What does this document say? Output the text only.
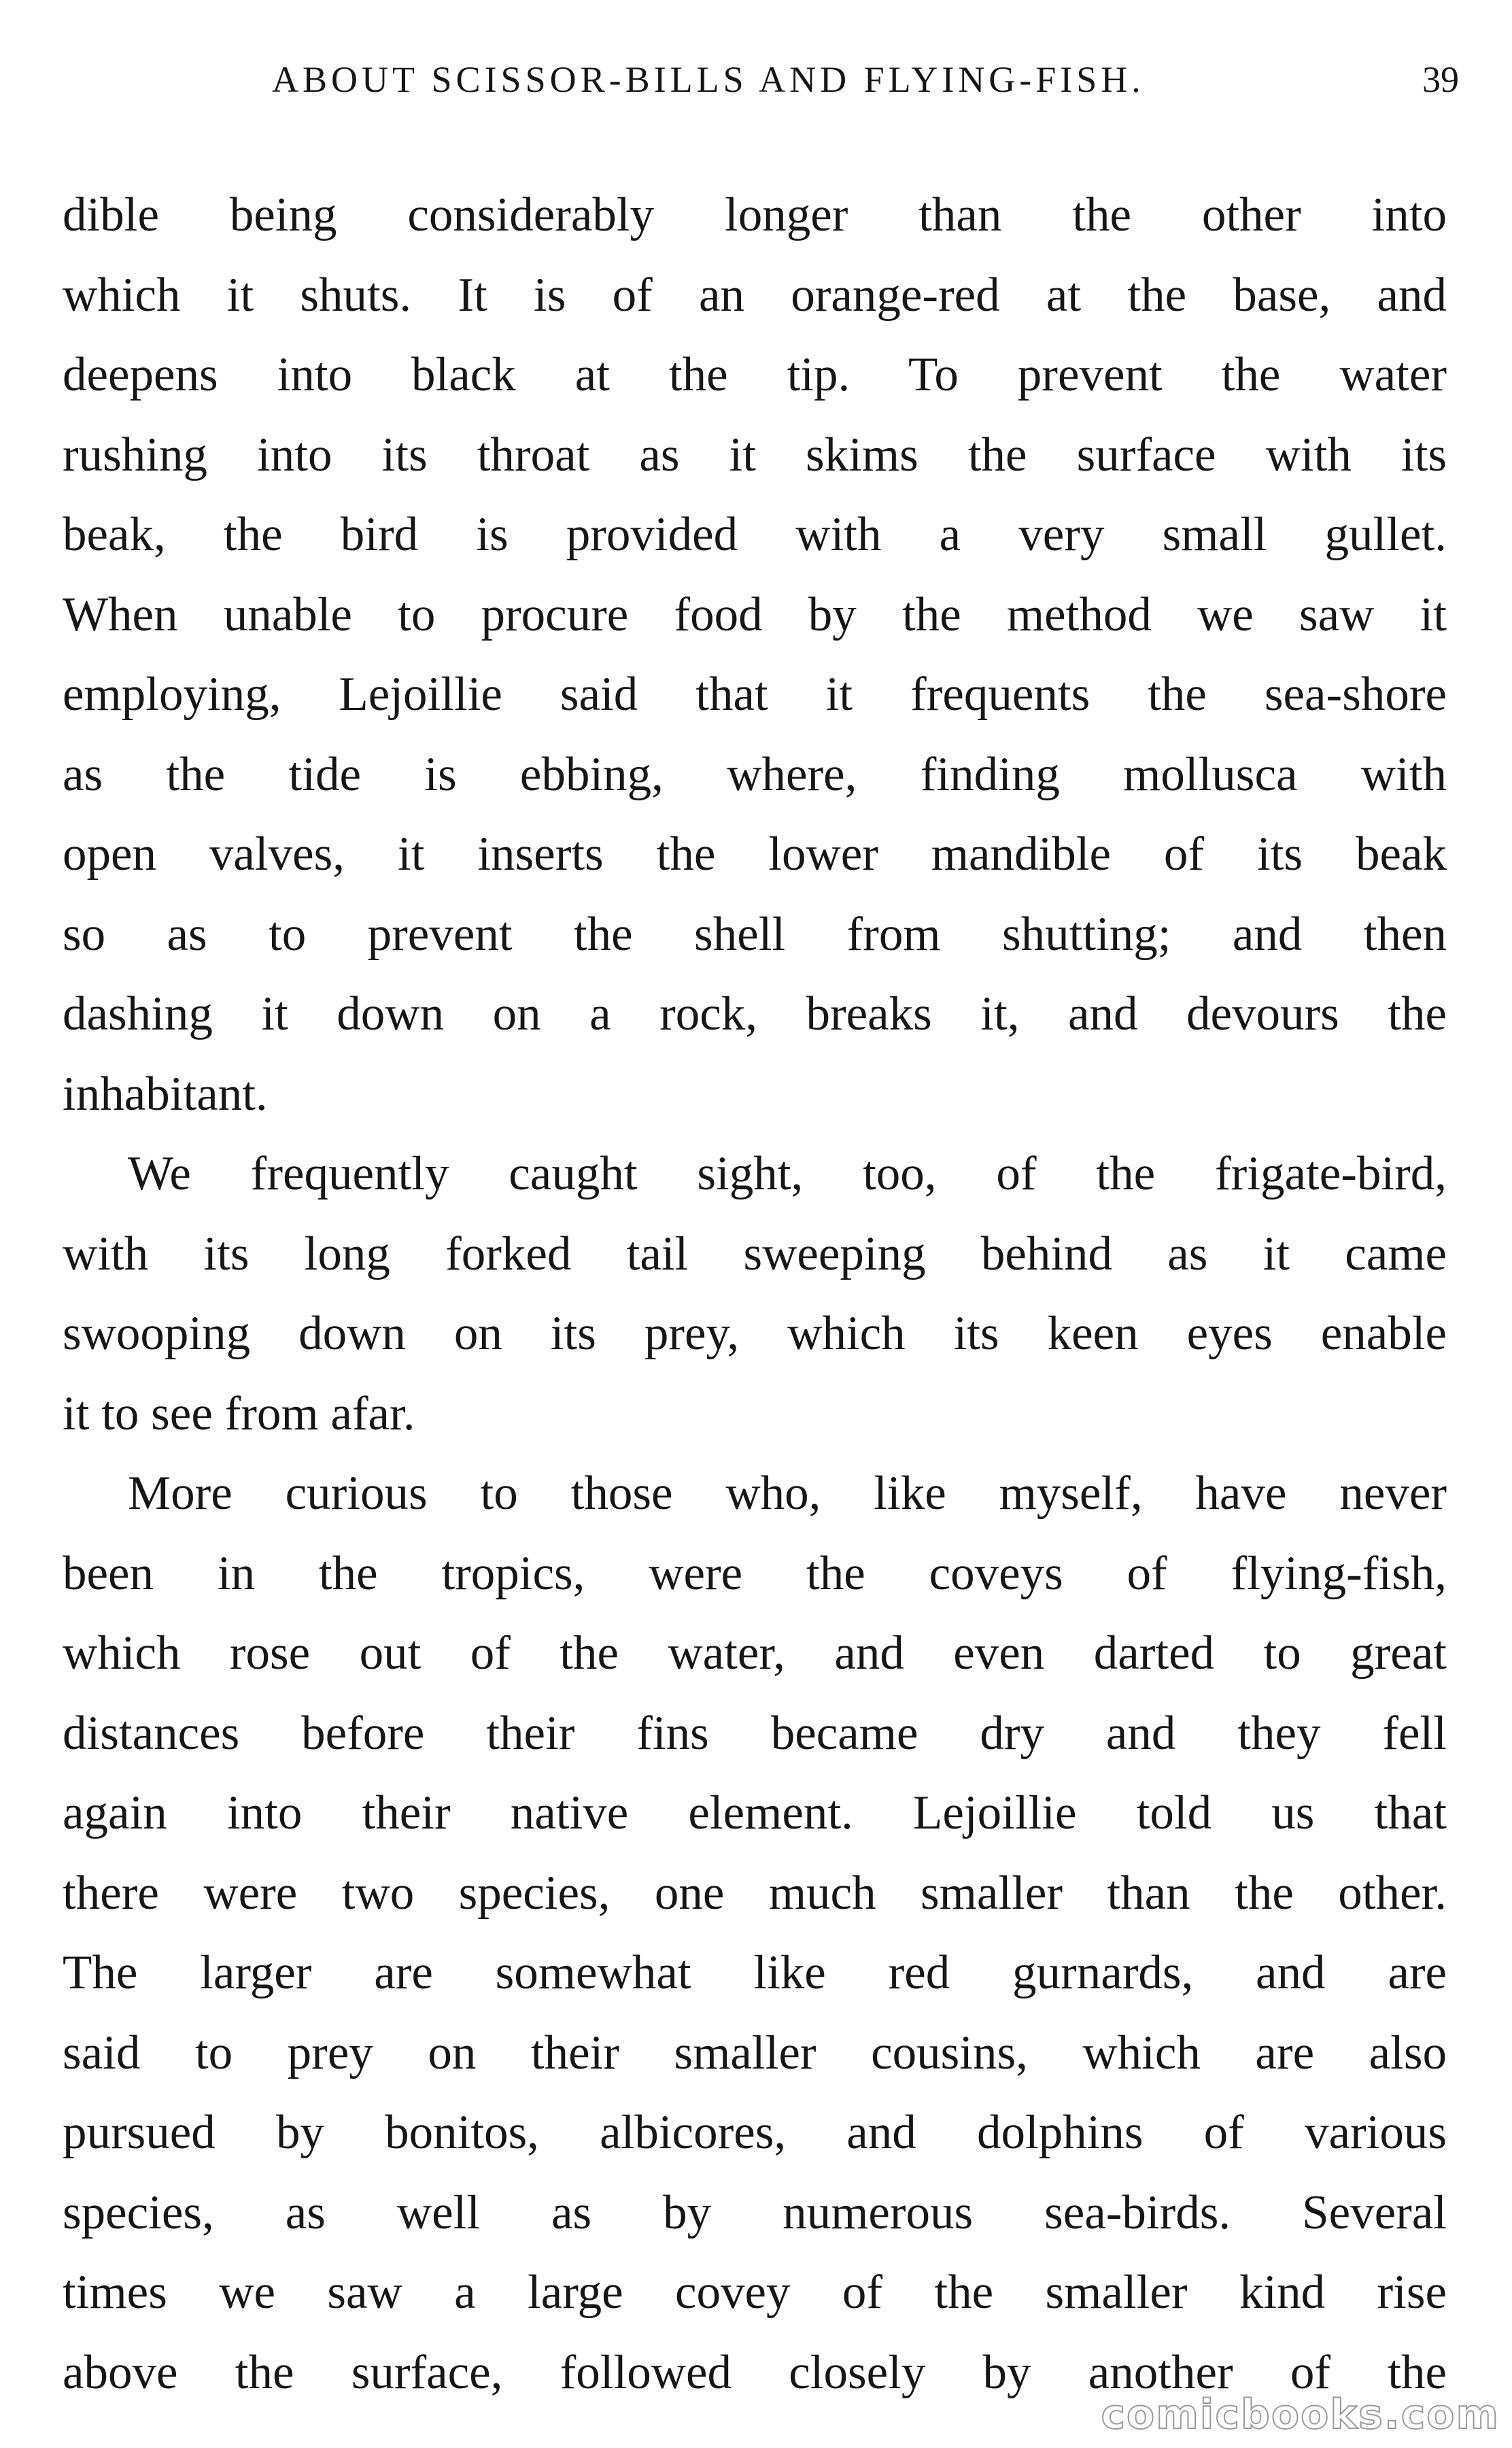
ABOUT SCISSOR-BILLS AND FLYING-FISH.	39
dible being considerably longer than the other into
which it shuts. It is of an orange-red at the base, and
deepens into black at the tip. To prevent the water
rushing into its throat as it skims the surface with its
beak, the bird is provided with a very small gullet.
When unable to procure food by the method we saw it
employing, Lejoillie said that it frequents the sea-shore
as the tide is ebbing, where, finding mollusca with
open valves, it inserts the lower mandible of its beak
so as to prevent the shell from shutting; and then
dashing it down on a rock, breaks it, and devours the
inhabitant.
We frequently caught sight, too, of the frigate-bird,
with its long forked tail sweeping behind as it came
swooping down on its prey, which its keen eyes enable
it to see from afar.
More curious to those who, like myself, have never
been in the tropics, were the coveys of flying-fish,
which rose out of the water, and even darted to great
distances before their fins became dry and they fell
again into their native element. Lejoillie told us that
there were two species, one much smaller than the other.
The larger are somewhat like red gurnards, and are
said to prey on their smaller cousins, which are also
pursued by bonitos, albicores, and dolphins of various
species, as well as by numerous sea-birds. Several
times we saw a large covey of the smaller kind rise
above the surface, followed closely by another of the
comicbooks.com
